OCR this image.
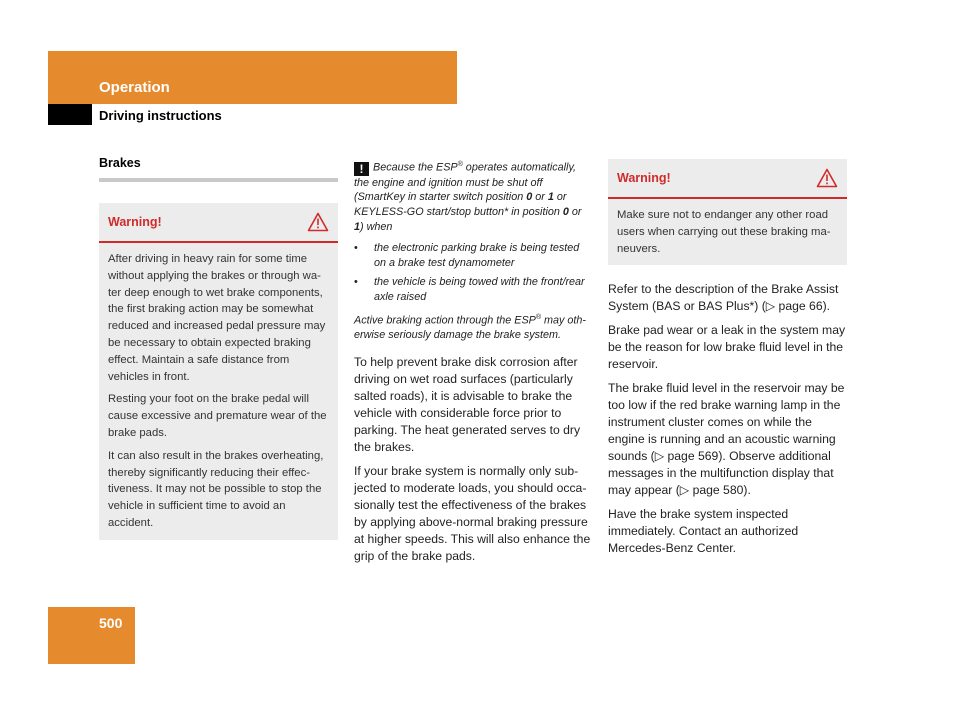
Operation
Driving instructions
Brakes
Warning!

After driving in heavy rain for some time without applying the brakes or through wa-ter deep enough to wet brake components, the first braking action may be somewhat reduced and increased pedal pressure may be necessary to obtain expected braking effect. Maintain a safe distance from vehicles in front.

Resting your foot on the brake pedal will cause excessive and premature wear of the brake pads.

It can also result in the brakes overheating, thereby significantly reducing their effec-tiveness. It may not be possible to stop the vehicle in sufficient time to avoid an accident.

! Because the ESP® operates automatically, the engine and ignition must be shut off (SmartKey in starter switch position 0 or 1 or KEYLESS-GO start/stop button* in position 0 or 1) when

• the electronic parking brake is being tested on a brake test dynamometer
• the vehicle is being towed with the front/rear axle raised

Active braking action through the ESP® may oth-erwise seriously damage the brake system.

To help prevent brake disk corrosion after driving on wet road surfaces (particularly salted roads), it is advisable to brake the vehicle with considerable force prior to parking. The heat generated serves to dry the brakes.

If your brake system is normally only sub-jected to moderate loads, you should occa-sionally test the effectiveness of the brakes by applying above-normal braking pressure at higher speeds. This will also enhance the grip of the brake pads.

Warning!

Make sure not to endanger any other road users when carrying out these braking ma-neuvers.

Refer to the description of the Brake Assist System (BAS or BAS Plus*) (▷ page 66).

Brake pad wear or a leak in the system may be the reason for low brake fluid level in the reservoir.

The brake fluid level in the reservoir may be too low if the red brake warning lamp in the instrument cluster comes on while the engine is running and an acoustic warning sounds (▷ page 569). Observe additional messages in the multifunction display that may appear (▷ page 580).

Have the brake system inspected immediately. Contact an authorized Mercedes-Benz Center.

500
